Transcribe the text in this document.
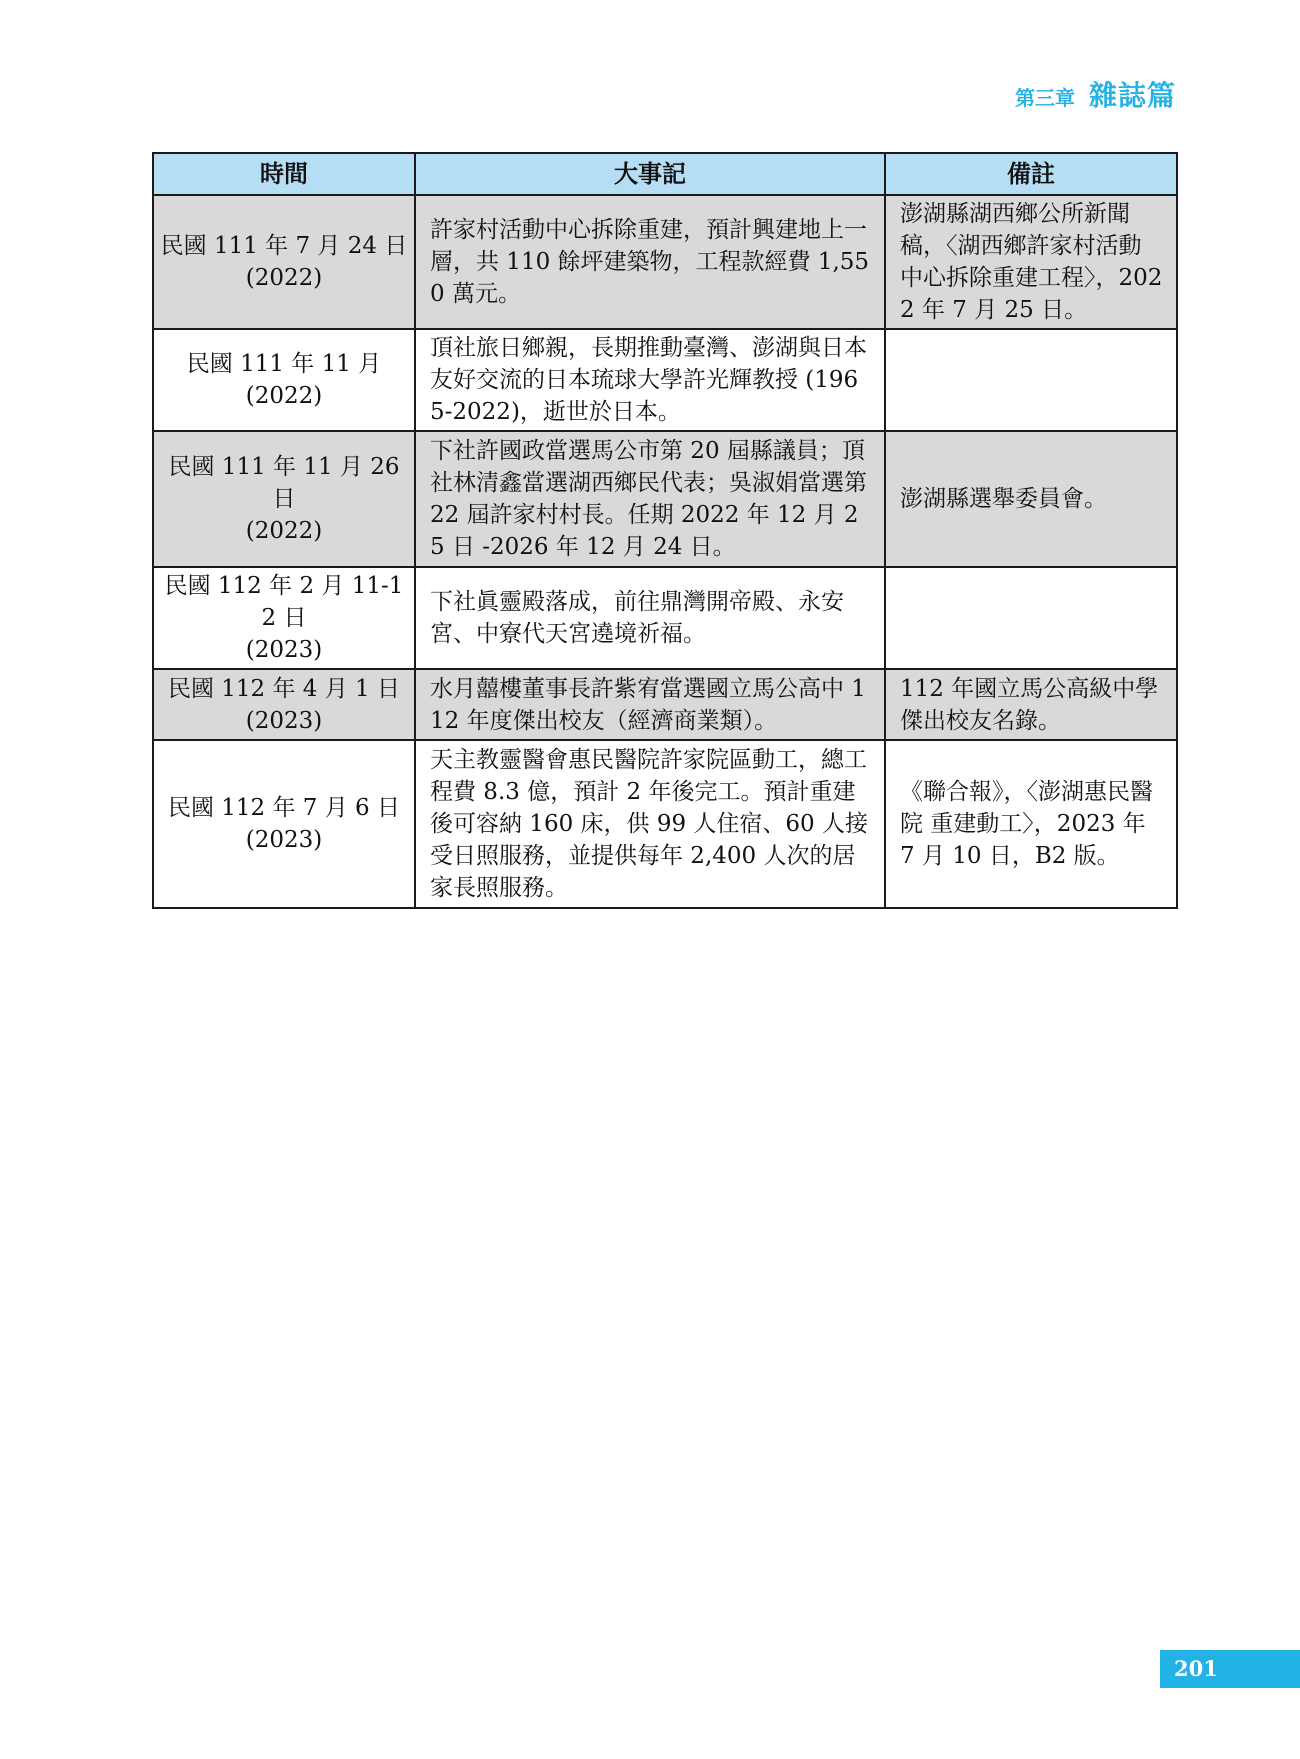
第三章 雜誌篇
時間	大事記	備註

民國 111 年 7 月 24 日
(2022)	許家村活動中心拆除重建，預計興建地上一層，共 110 餘坪建築物，工程款經費 1,550 萬元。	澎湖縣湖西鄉公所新聞稿，〈湖西鄉許家村活動中心拆除重建工程〉，2022 年 7 月 25 日。

民國 111 年 11 月
(2022)	頂社旅日鄉親，長期推動臺灣、澎湖與日本友好交流的日本琉球大學許光輝教授 (1965-2022)，逝世於日本。	

民國 111 年 11 月 26 日
(2022)	下社許國政當選馬公市第 20 屆縣議員；頂社林清鑫當選湖西鄉民代表；吳淑娟當選第 22 屆許家村村長。任期 2022 年 12 月 25 日 -2026 年 12 月 24 日。	澎湖縣選舉委員會。

民國 112 年 2 月 11-12 日
(2023)	下社眞靈殿落成，前往鼎灣開帝殿、永安宮、中寮代天宮遶境祈福。	

民國 112 年 4 月 1 日
(2023)	水月囍樓董事長許紫宥當選國立馬公高中 112 年度傑出校友（經濟商業類）。	112 年國立馬公高級中學傑出校友名錄。

民國 112 年 7 月 6 日
(2023)	天主教靈醫會惠民醫院許家院區動工，總工程費 8.3 億，預計 2 年後完工。預計重建後可容納 160 床，供 99 人住宿、60 人接受日照服務，並提供每年 2,400 人次的居家長照服務。	《聯合報》，〈澎湖惠民醫院 重建動工〉，2023 年 7 月 10 日，B2 版。
201
